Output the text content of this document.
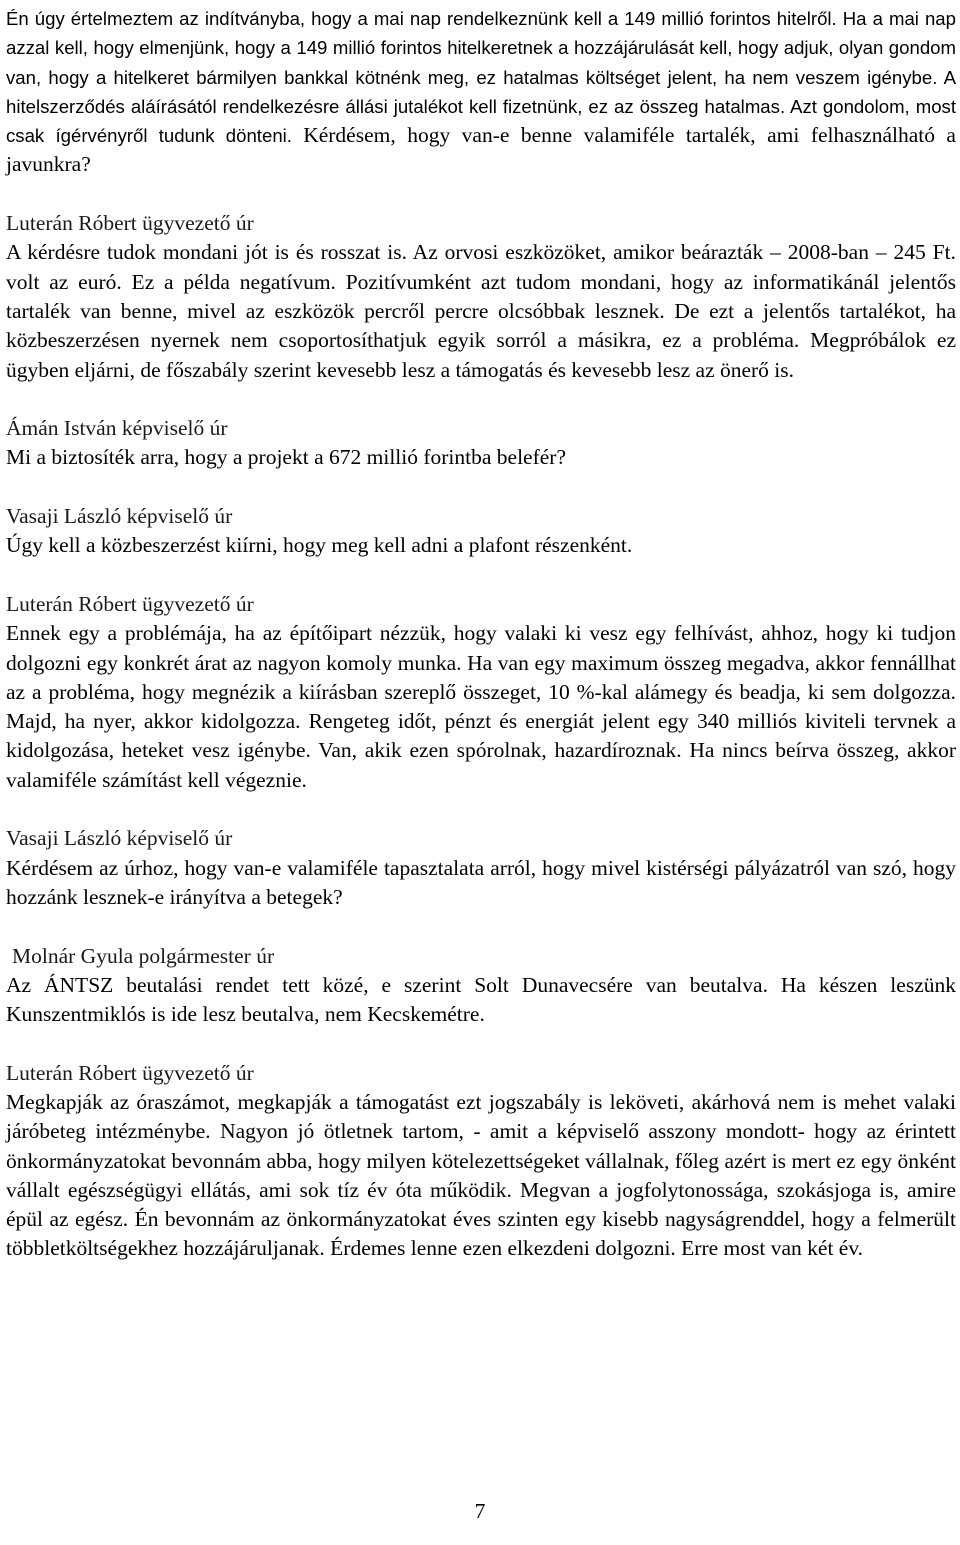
Én úgy értelmeztem az indítványba, hogy a mai nap rendelkeznünk kell a 149 millió forintos hitelről. Ha a mai nap azzal kell, hogy elmenjünk, hogy a 149 millió forintos hitelkeretnek a hozzájárulását kell, hogy adjuk, olyan gondom van, hogy a hitelkeret bármilyen bankkal kötnénk meg, ez hatalmas költséget jelent, ha nem veszem igénybe. A hitelszerződés aláírásától rendelkezésre állási jutalékot kell fizetnünk, ez az összeg hatalmas. Azt gondolom, most csak ígérvényről tudunk dönteni. Kérdésem, hogy van-e benne valamiféle tartalék, ami felhasználható a javunkra?

Luterán Róbert ügyvezető úr

A kérdésre tudok mondani jót is és rosszat is. Az orvosi eszközöket, amikor beárazták – 2008-ban – 245 Ft. volt az euró. Ez a példa negatívum. Pozitívumként azt tudom mondani, hogy az informatikánál jelentős tartalék van benne, mivel az eszközök percről percre olcsóbbak lesznek. De ezt a jelentős tartalékot, ha közbeszerzésen nyernek nem csoportosíthatjuk egyik sorról a másikra, ez a probléma. Megpróbálok ez ügyben eljárni, de főszabály szerint kevesebb lesz a támogatás és kevesebb lesz az önerő is.

Ámán István képviselő úr

Mi a biztosíték arra, hogy a projekt a 672 millió forintba belefér?

Vasaji László képviselő úr

Úgy kell a közbeszerzést kiírni, hogy meg kell adni a plafont részenként.

Luterán Róbert ügyvezető úr

Ennek egy a problémája, ha az építőipart nézzük, hogy valaki ki vesz egy felhívást, ahhoz, hogy ki tudjon dolgozni egy konkrét árat az nagyon komoly munka. Ha van egy maximum összeg megadva, akkor fennállhat az a probléma, hogy megnézik a kiírásban szereplő összeget, 10 %-kal alámegy és beadja, ki sem dolgozza. Majd, ha nyer, akkor kidolgozza. Rengeteg időt, pénzt és energiát jelent egy 340 milliós kiviteli tervnek a kidolgozása, heteket vesz igénybe. Van, akik ezen spórolnak, hazardíroznak. Ha nincs beírva összeg, akkor valamiféle számítást kell végeznie.

Vasaji László képviselő úr

Kérdésem az úrhoz, hogy van-e valamiféle tapasztalata arról, hogy mivel kistérségi pályázatról van szó, hogy hozzánk lesznek-e irányítva a betegek?

Molnár Gyula polgármester úr

Az ÁNTSZ beutalási rendet tett közé, e szerint Solt Dunavecsére van beutalva. Ha készen leszünk Kunszentmiklós is ide lesz beutalva, nem Kecskemétre.

Luterán Róbert ügyvezető úr

Megkapják az óraszámot, megkapják a támogatást ezt jogszabály is leköveti, akárhová nem is mehet valaki járóbeteg intézménybe. Nagyon jó ötletnek tartom, - amit a képviselő asszony mondott- hogy az érintett önkormányzatokat bevonnám abba, hogy milyen kötelezettségeket vállalnak, főleg azért is mert ez egy önként vállalt egészségügyi ellátás, ami sok tíz év óta működik. Megvan a jogfolytonossága, szokásjoga is, amire épül az egész. Én bevonnám az önkormányzatokat éves szinten egy kisebb nagyságrenddel, hogy a felmerült többletköltségekhez hozzájáruljanak. Érdemes lenne ezen elkezdeni dolgozni. Erre most van két év.

7
